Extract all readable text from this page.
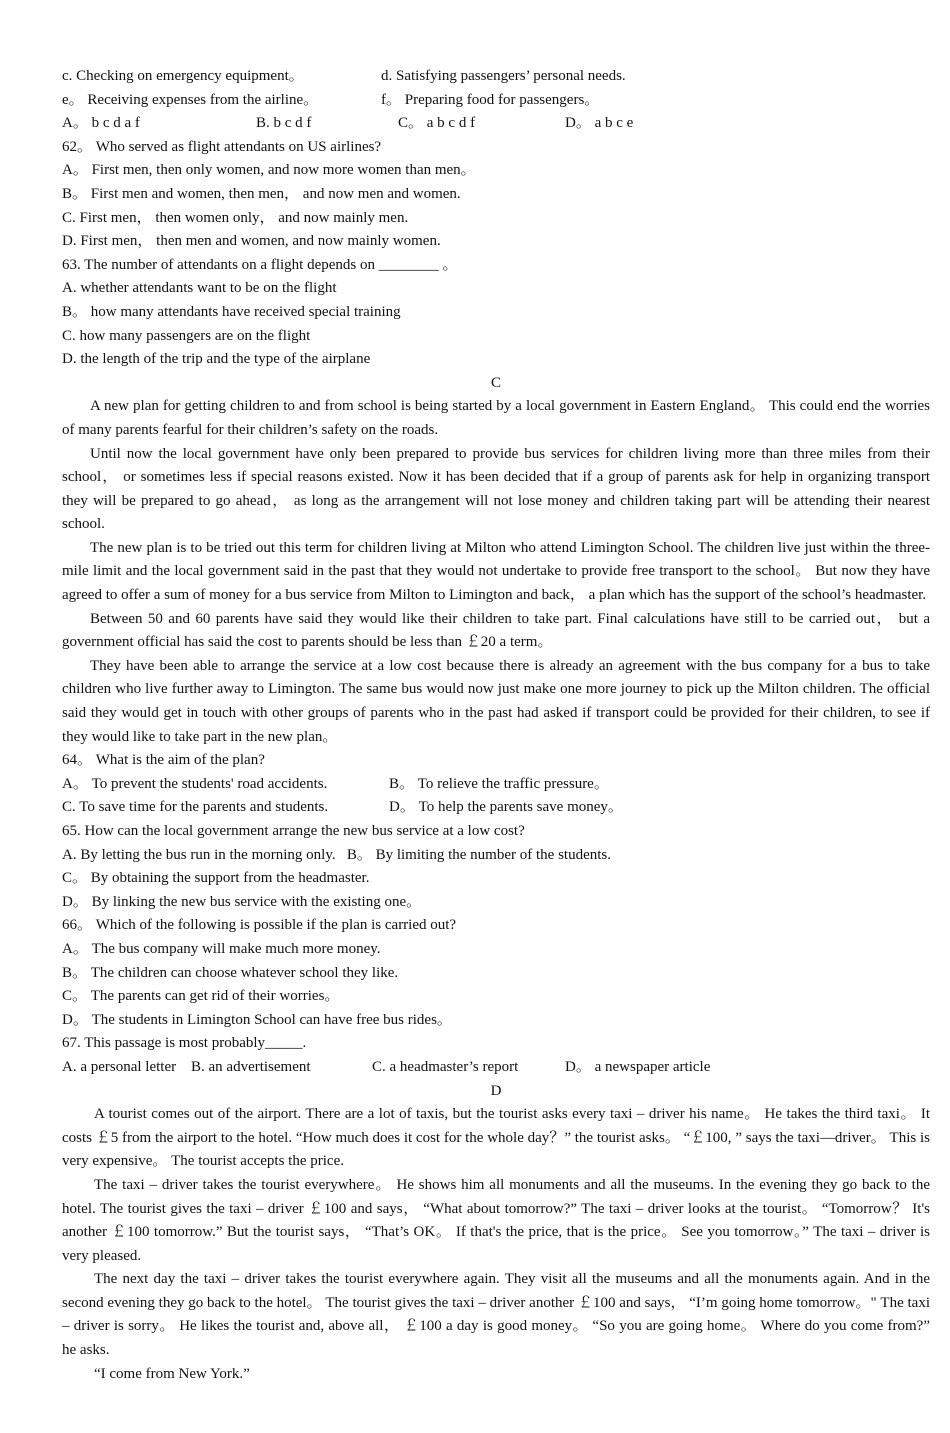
c. Checking on emergency equipment。

	d. Satisfying passengers’ personal needs.

e。 Receiving expenses from the airline。

	f。 Preparing food for passengers。

A。 b c d a f

	B. b c d f

	C。 a b c d f

	D。 a b c e

62。 Who served as flight attendants on US airlines?
A。 First men, then only women, and now more women than men。
B。 First men and women, then men， and now men and women.
C. First men， then women only， and now mainly men.
D. First men， then men and women, and now mainly women.
63. The number of attendants on a flight depends on ________ 。
A. whether attendants want to be on the flight
B。 how many attendants have received special training
C. how many passengers are on the flight
D. the length of the trip and the type of the airplane
C

A new plan for getting children to and from school is being started by a local government in Eastern England。 This could end the worries of many parents fearful for their children’s safety on the roads.

Until now the local government have only been prepared to provide bus services for children living more than three miles from their school， or sometimes less if special reasons existed. Now it has been decided that if a group of parents ask for help in organizing transport they will be prepared to go ahead， as long as the arrangement will not lose money and children taking part will be attending their nearest school.

The new plan is to be tried out this term for children living at Milton who attend Limington School. The children live just within the three-mile limit and the local government said in the past that they would not undertake to provide free transport to the school。 But now they have agreed to offer a sum of money for a bus service from Milton to Limington and back， a plan which has the support of the school’s headmaster.

Between 50 and 60 parents have said they would like their children to take part. Final calculations have still to be carried out， but a government official has said the cost to parents should be less than ￡20 a term。

They have been able to arrange the service at a low cost because there is already an agreement with the bus company for a bus to take children who live further away to Limington. The same bus would now just make one more journey to pick up the Milton children. The official said they would get in touch with other groups of parents who in the past had asked if transport could be provided for their children, to see if they would like to take part in the new plan。

64。 What is the aim of the plan?

A。 To prevent the students' road accidents.

	B。 To relieve the traffic pressure。

C. To save time for the parents and students.

	D。 To help the parents save money。

65. How can the local government arrange the new bus service at a low cost?
A. By letting the bus run in the morning only.   B。 By limiting the number of the students.
C。 By obtaining the support from the headmaster.
D。 By linking the new bus service with the existing one。
66。 Which of the following is possible if the plan is carried out?
A。 The bus company will make much more money.
B。 The children can choose whatever school they like.
C。 The parents can get rid of their worries。
D。 The students in Limington School can have free bus rides。
67. This passage is most probably_____.

A. a personal letter

B. an advertisement

	C. a headmaster’s report

	D。 a newspaper article

D

A tourist comes out of the airport. There are a lot of taxis, but the tourist asks every taxi – driver his name。 He takes the third taxi。 It costs ￡5 from the airport to the hotel. “How much does it cost for the whole day？” the tourist asks。 “￡100, ” says the taxi—driver。 This is very expensive。 The tourist accepts the price.

The taxi – driver takes the tourist everywhere。 He shows him all monuments and all the museums. In the evening they go back to the hotel. The tourist gives the taxi – driver ￡100 and says， “What about tomorrow?” The taxi – driver looks at the tourist。 “Tomorrow？ It's another ￡100 tomorrow.” But the tourist says， “That’s OK。 If that's the price, that is the price。 See you tomorrow。” The taxi – driver is very pleased.

The next day the taxi – driver takes the tourist everywhere again. They visit all the museums and all the monuments again. And in the second evening they go back to the hotel。 The tourist gives the taxi – driver another ￡100 and says， “I’m going home tomorrow。" The taxi – driver is sorry。 He likes the tourist and, above all， ￡100 a day is good money。 “So you are going home。 Where do you come from?” he asks.

“I come from New York.”
